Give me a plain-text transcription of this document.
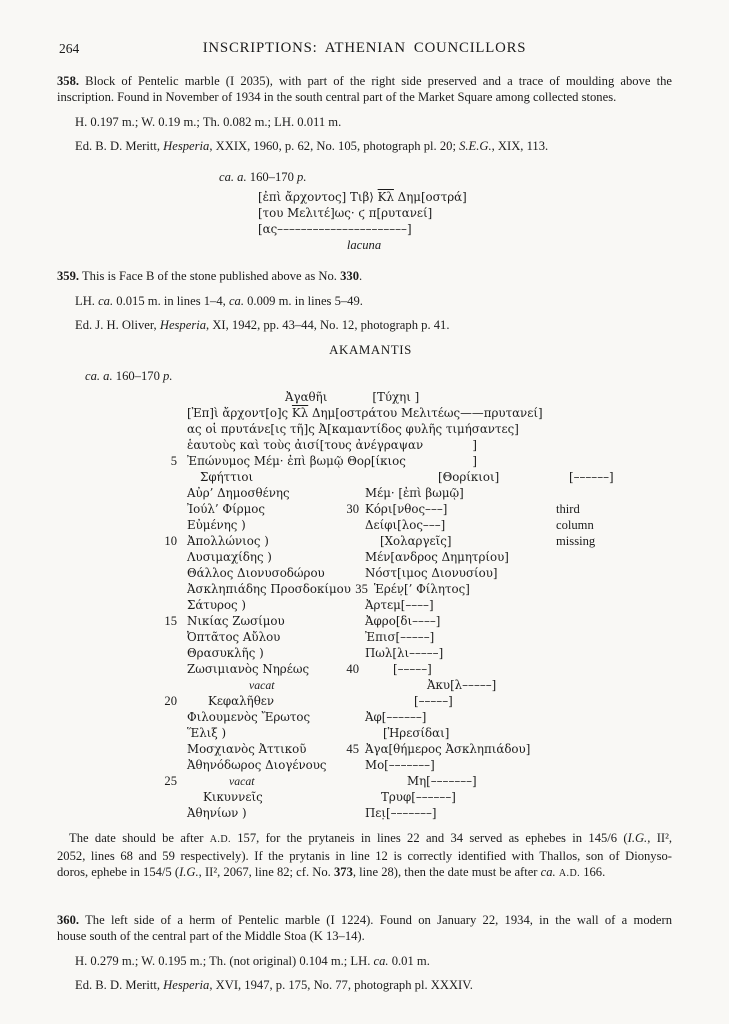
264	INSCRIPTIONS: ATHENIAN COUNCILLORS
358. Block of Pentelic marble (I 2035), with part of the right side preserved and a trace of moulding above the
inscription. Found in November of 1934 in the south central part of the Market Square among collected stones.
H. 0.197 m.; W. 0.19 m.; Th. 0.082 m.; LH. 0.011 m.
Ed. B. D. Meritt, Hesperia, XXIX, 1960, p. 62, No. 105, photograph pl. 20; S.E.G., XIX, 113.
ca. a. 160–170 p.
[ἐπὶ ἄρχοντος] Τιβ⟩ $\overline{K\lambda}$ Δημ[οστρά]
[του Μελιτέ]ως· ϛ π[ρυτανεί]
[ας––––––––––––––––––––––]
lacuna
359. This is Face B of the stone published above as No. 330.
LH. ca. 0.015 m. in lines 1–4, ca. 0.009 m. in lines 5–49.
Ed. J. H. Oliver, Hesperia, XI, 1942, pp. 43–44, No. 12, photograph p. 41.
AKAMANTIS
ca. a. 160–170 p.
Ἀγαθῆι	[Τύχηι ]
[Ἐπ]ὶ ἄρχοντ[ο]ς $\overline{K\lambda}$ Δημ[οστράτου Μελιτέως——πρυτανεί]
ας οἱ πρυτάνε[ις τῆ]ς Ἀ[καμαντίδος φυλῆς τιμήσαντες]
ἑαυτοὺς καὶ τοὺς ἀισί[τους ἀνέγραψαν	]
5 Ἐπώνυμος Μέμ· ἐπὶ βωμῷ Θορ[ίκιος	]
Σφήττιοι	[Θορίκιοι]	[––––––]
Αὐρ’ Δημοσθένης	Μέμ· [ἐπὶ βωμῷ]
Ἰούλ’ Φίρμος	30 Κόρι[νθος–––]	third
Εὐμένης )	Δείφι[λος–––]	column
10 Ἀπολλώνιος )	[Χολαργεῖς]	missing
Λυσιμαχίδης )	Μέν[ανδρος Δημητρίου]
Θάλλος Διονυσοδώρου	Νόστ[ιμος Διονυσίου]
Ἀσκληπιάδης Προσδοκίμου 35 Ἑρέν̣[’ Φίλητος]
Σάτυρος )	Ἀρτεμ[––––]
15 Νικίας Ζωσίμου	Ἀφρο[δι––––]
Ὀπτᾶτος Αὔλου	Ἐπισ[–––––]
Θρασυκλῆς )	Πωλ[λι–––––]
Ζωσιμιανὸς Νηρέως	40	[–––––]
vacat	Ἀκυ[λ–––––]
20	Κεφαλῆθεν	[–––––]
Φιλουμενὸς Ἔρωτος	Ἀφ[––––––]
Ἕλιξ )	[Ἡρεσίδαι]
Μοσχιανὸς Ἀττικοῦ	45 Ἀγα[θήμερος Ἀσκληπιάδου]
Ἀθηνόδωρος Διογένους	Μο[–––––––]
25	vacat	Μη[–––––––]
Κικυννεῖς	Τρυφ[––––––]
Ἀθηνίων )	Πει̣[–––––––]
The date should be after A.D. 157, for the prytaneis in lines 22 and 34 served as ephebes in 145/6 (I.G., II²,
2052, lines 68 and 59 respectively). If the prytanis in line 12 is correctly identified with Thallos, son of Dionyso-
doros, ephebe in 154/5 (I.G., II², 2067, line 82; cf. No. 373, line 28), then the date must be after ca. A.D. 166.
360. The left side of a herm of Pentelic marble (I 1224). Found on January 22, 1934, in the wall of a modern
house south of the central part of the Middle Stoa (K 13–14).
H. 0.279 m.; W. 0.195 m.; Th. (not original) 0.104 m.; LH. ca. 0.01 m.
Ed. B. D. Meritt, Hesperia, XVI, 1947, p. 175, No. 77, photograph pl. XXXIV.
